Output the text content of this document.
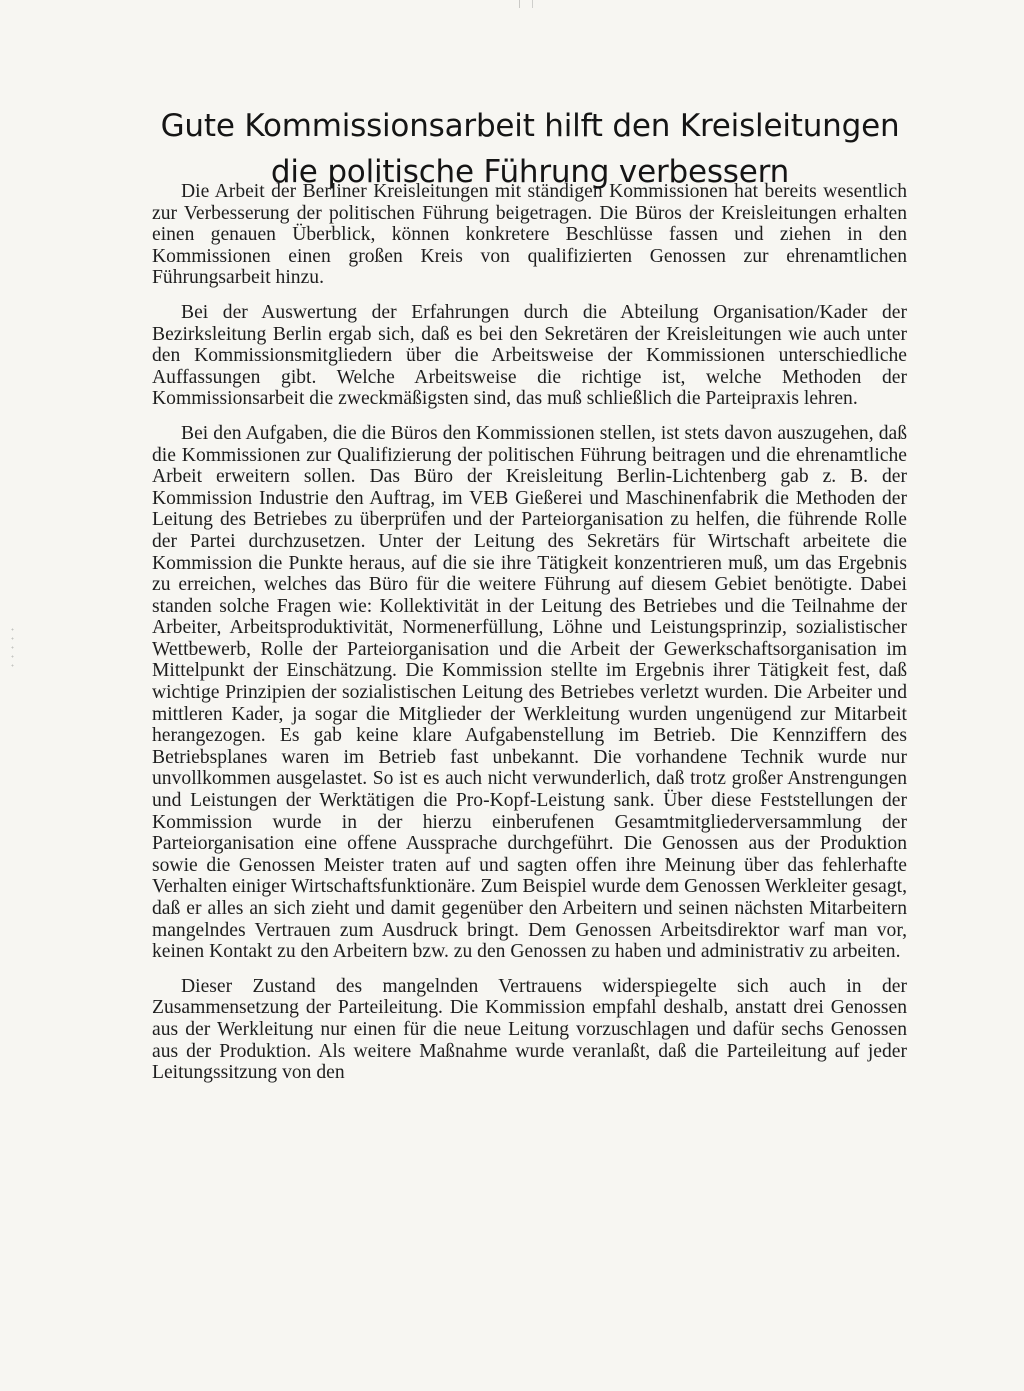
Gute Kommissionsarbeit hilft den Kreisleitungen
die politische Führung verbessern

Die Arbeit der Berliner Kreisleitungen mit ständigen Kommissionen hat bereits wesentlich zur Verbesserung der politischen Führung beigetragen. Die Büros der Kreisleitungen erhalten einen genauen Überblick, können konkretere Beschlüsse fassen und ziehen in den Kommissionen einen großen Kreis von qualifizierten Genossen zur ehrenamtlichen Führungsarbeit hinzu.

Bei der Auswertung der Erfahrungen durch die Abteilung Organisation/​Kader der Bezirksleitung Berlin ergab sich, daß es bei den Sekretären der Kreisleitungen wie auch unter den Kommissionsmitgliedern über die Arbeitsweise der Kommissionen unterschiedliche Auffassungen gibt. Welche Arbeitsweise die richtige ist, welche Methoden der Kommissionsarbeit die zweckmäßigsten sind, das muß schließlich die Parteipraxis lehren.

Bei den Aufgaben, die die Büros den Kommissionen stellen, ist stets davon auszugehen, daß die Kommissionen zur Qualifizierung der politischen Führung beitragen und die ehrenamtliche Arbeit erweitern sollen. Das Büro der Kreisleitung Berlin-Lichtenberg gab z. B. der Kommission Industrie den Auftrag, im VEB Gießerei und Maschinenfabrik die Methoden der Leitung des Betriebes zu überprüfen und der Parteiorganisation zu helfen, die führende Rolle der Partei durchzusetzen. Unter der Leitung des Sekretärs für Wirtschaft arbeitete die Kommission die Punkte heraus, auf die sie ihre Tätigkeit konzentrieren muß, um das Ergebnis zu erreichen, welches das Büro für die weitere Führung auf diesem Gebiet benötigte. Dabei standen solche Fragen wie: Kollektivität in der Leitung des Betriebes und die Teilnahme der Arbeiter, Arbeitsproduktivität, Normenerfüllung, Löhne und Leistungsprinzip, sozialistischer Wettbewerb, Rolle der Parteiorganisation und die Arbeit der Gewerkschaftsorganisation im Mittelpunkt der Einschätzung. Die Kommission stellte im Ergebnis ihrer Tätigkeit fest, daß wichtige Prinzipien der sozialistischen Leitung des Betriebes verletzt wurden. Die Arbeiter und mittleren Kader, ja sogar die Mitglieder der Werkleitung wurden ungenügend zur Mitarbeit herangezogen. Es gab keine klare Aufgabenstellung im Betrieb. Die Kennziffern des Betriebsplanes waren im Betrieb fast unbekannt. Die vorhandene Technik wurde nur unvollkommen ausgelastet. So ist es auch nicht verwunderlich, daß trotz großer Anstrengungen und Leistungen der Werktätigen die Pro-Kopf-Leistung sank. Über diese Feststellungen der Kommission wurde in der hierzu einberufenen Gesamtmitgliederversammlung der Parteiorganisation eine offene Aussprache durchgeführt. Die Genossen aus der Produktion sowie die Genossen Meister traten auf und sagten offen ihre Meinung über das fehlerhafte Verhalten einiger Wirtschaftsfunktionäre. Zum Beispiel wurde dem Genossen Werkleiter gesagt, daß er alles an sich zieht und damit gegenüber den Arbeitern und seinen nächsten Mitarbeitern mangelndes Vertrauen zum Ausdruck bringt. Dem Genossen Arbeitsdirektor warf man vor, keinen Kontakt zu den Arbeitern bzw. zu den Genossen zu haben und administrativ zu arbeiten.

Dieser Zustand des mangelnden Vertrauens widerspiegelte sich auch in der Zusammensetzung der Parteileitung. Die Kommission empfahl deshalb, anstatt drei Genossen aus der Werkleitung nur einen für die neue Leitung vorzuschlagen und dafür sechs Genossen aus der Produktion. Als weitere Maßnahme wurde veranlaßt, daß die Parteileitung auf jeder Leitungssitzung von den
